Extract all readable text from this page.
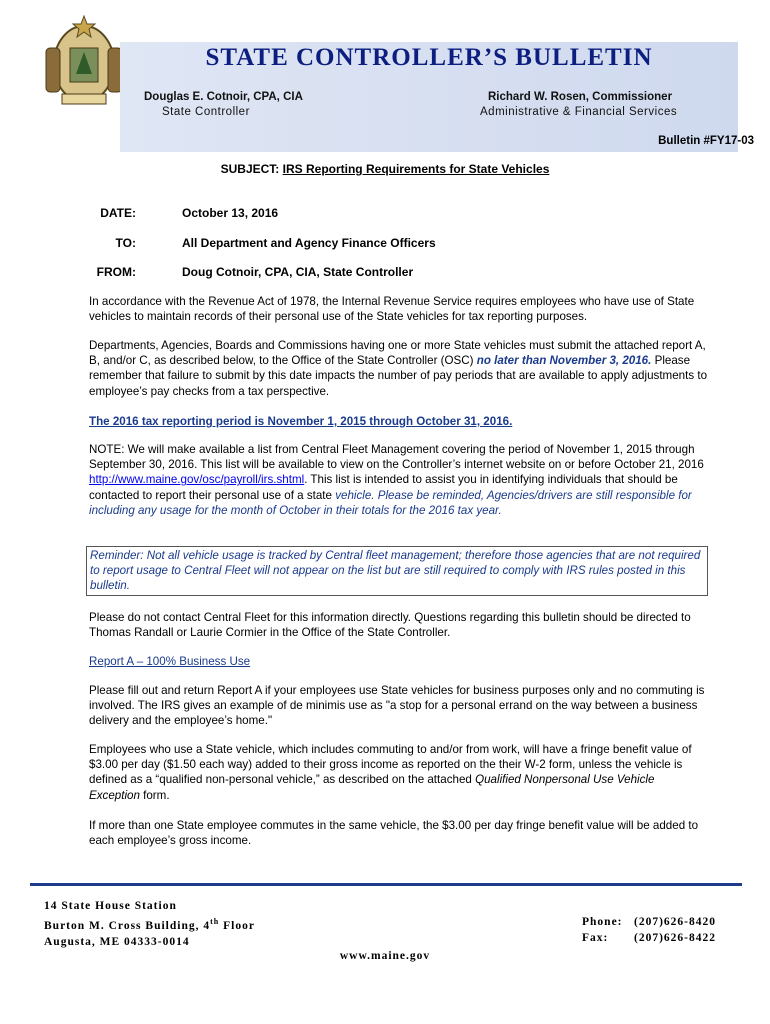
STATE CONTROLLER’S BULLETIN
Douglas E. Cotnoir, CPA, CIA
State Controller
Richard W. Rosen, Commissioner
Administrative & Financial Services
Bulletin #FY17-03
SUBJECT: IRS Reporting Requirements for State Vehicles
DATE:	October 13, 2016
TO:	All Department and Agency Finance Officers
FROM:	Doug Cotnoir, CPA, CIA, State Controller

In accordance with the Revenue Act of 1978, the Internal Revenue Service requires employees who have use of State vehicles to maintain records of their personal use of the State vehicles for tax reporting purposes.

Departments, Agencies, Boards and Commissions having one or more State vehicles must submit the attached report A, B, and/or C, as described below, to the Office of the State Controller (OSC) no later than November 3, 2016. Please remember that failure to submit by this date impacts the number of pay periods that are available to apply adjustments to employee’s pay checks from a tax perspective.

The 2016 tax reporting period is November 1, 2015 through October 31, 2016.

NOTE: We will make available a list from Central Fleet Management covering the period of November 1, 2015 through September 30, 2016. This list will be available to view on the Controller’s internet website on or before October 21, 2016 http://www.maine.gov/osc/payroll/irs.shtml. This list is intended to assist you in identifying individuals that should be contacted to report their personal use of a state vehicle. Please be reminded, Agencies/drivers are still responsible for including any usage for the month of October in their totals for the 2016 tax year.

Reminder: Not all vehicle usage is tracked by Central fleet management; therefore those agencies that are not required to report usage to Central Fleet will not appear on the list but are still required to comply with IRS rules posted in this bulletin.

Please do not contact Central Fleet for this information directly. Questions regarding this bulletin should be directed to Thomas Randall or Laurie Cormier in the Office of the State Controller.

Report A – 100% Business Use

Please fill out and return Report A if your employees use State vehicles for business purposes only and no commuting is involved. The IRS gives an example of de minimis use as "a stop for a personal errand on the way between a business delivery and the employee’s home."

Employees who use a State vehicle, which includes commuting to and/or from work, will have a fringe benefit value of $3.00 per day ($1.50 each way) added to their gross income as reported on the their W-2 form, unless the vehicle is defined as a “qualified non-personal vehicle,” as described on the attached Qualified Nonpersonal Use Vehicle Exception form.

If more than one State employee commutes in the same vehicle, the $3.00 per day fringe benefit value will be added to each employee’s gross income.

14 State House Station
Burton M. Cross Building, 4th Floor
Augusta, ME 04333-0014
Phone: (207)626-8420
Fax: (207)626-8422
www.maine.gov
